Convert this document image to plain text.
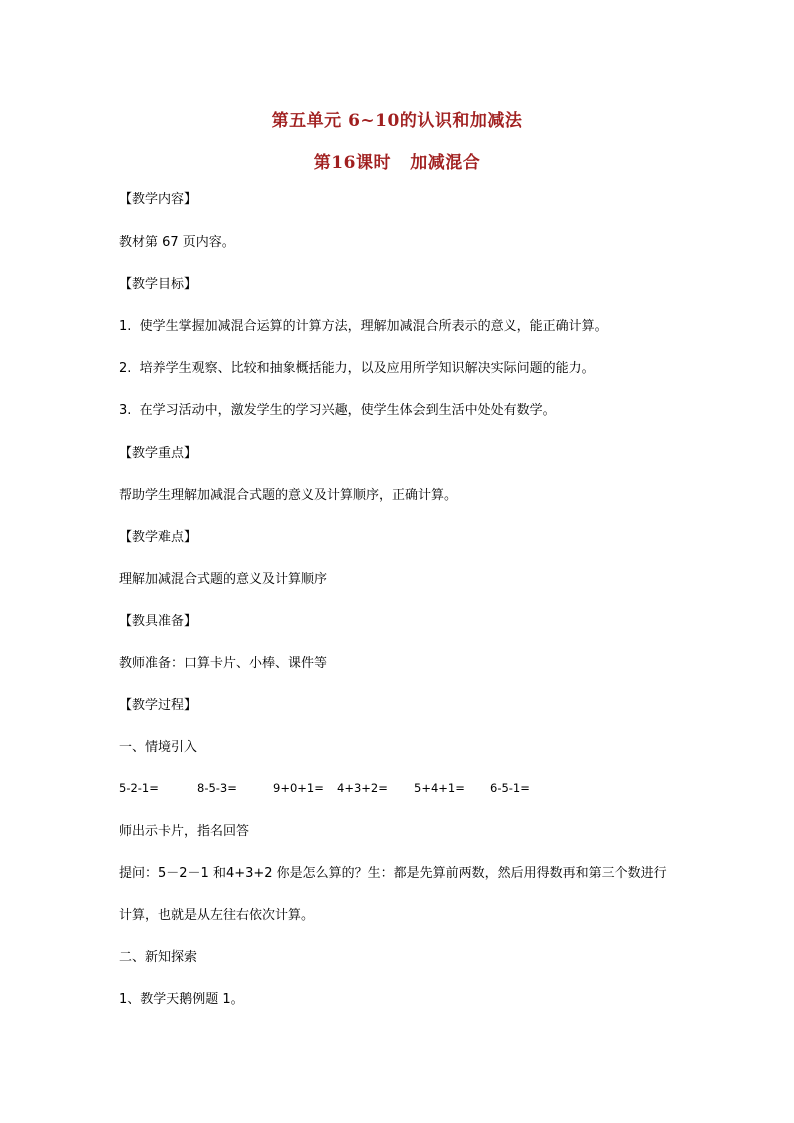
第五单元 6~10的认识和加减法
第16课时   加减混合
【教学内容】
教材第 67 页内容。
【教学目标】
1.  使学生掌握加减混合运算的计算方法，理解加减混合所表示的意义，能正确计算。
2.  培养学生观察、比较和抽象概括能力，以及应用所学知识解决实际问题的能力。
3.  在学习活动中，激发学生的学习兴趣，使学生体会到生活中处处有数学。
【教学重点】
帮助学生理解加减混合式题的意义及计算顺序，正确计算。
【教学难点】
理解加减混合式题的意义及计算顺序
【教具准备】
教师准备：口算卡片、小棒、课件等
【教学过程】
一、情境引入
5-2-1=	8-5-3=	9+0+1= 4+3+2= 5+4+1= 6-5-1=
师出示卡片，指名回答
提问：5－2－1 和4+3+2 你是怎么算的？生：都是先算前两数，然后用得数再和第三个数进行
计算，也就是从左往右依次计算。
二、新知探索
1、教学天鹅例题 1。
